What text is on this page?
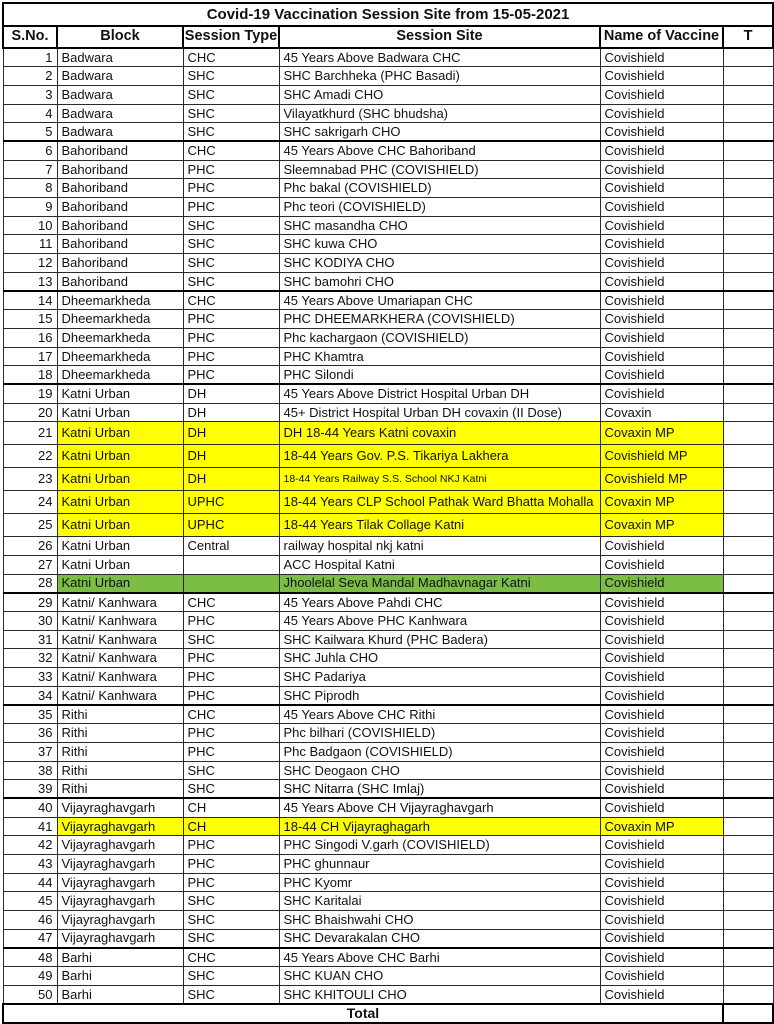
Covid-19 Vaccination Session Site from 15-05-2021					
S.No.	Block	Session Type	Session Site	Name of Vaccine	T
1	Badwara	CHC	45 Years Above Badwara CHC	Covishield	
2	Badwara	SHC	SHC Barchheka (PHC Basadi)	Covishield	
3	Badwara	SHC	SHC Amadi CHO	Covishield	
4	Badwara	SHC	Vilayatkhurd (SHC bhudsha)	Covishield	
5	Badwara	SHC	SHC sakrigarh CHO	Covishield	
6	Bahoriband	CHC	45 Years Above CHC Bahoriband	Covishield	
7	Bahoriband	PHC	Sleemnabad PHC (COVISHIELD)	Covishield	
8	Bahoriband	PHC	Phc bakal (COVISHIELD)	Covishield	
9	Bahoriband	PHC	Phc teori (COVISHIELD)	Covishield	
10	Bahoriband	SHC	SHC masandha CHO	Covishield	
11	Bahoriband	SHC	SHC kuwa CHO	Covishield	
12	Bahoriband	SHC	SHC KODIYA CHO	Covishield	
13	Bahoriband	SHC	SHC bamohri CHO	Covishield	
14	Dheemarkheda	CHC	45 Years Above Umariapan CHC	Covishield	
15	Dheemarkheda	PHC	PHC DHEEMARKHERA (COVISHIELD)	Covishield	
16	Dheemarkheda	PHC	Phc kachargaon (COVISHIELD)	Covishield	
17	Dheemarkheda	PHC	PHC Khamtra	Covishield	
18	Dheemarkheda	PHC	PHC Silondi	Covishield	
19	Katni Urban	DH	45 Years Above District Hospital Urban DH	Covishield	
20	Katni Urban	DH	45+ District Hospital Urban DH covaxin (II Dose)	Covaxin	
21	Katni Urban	DH	DH 18-44 Years Katni covaxin	Covaxin MP	
22	Katni Urban	DH	18-44 Years Gov. P.S. Tikariya Lakhera	Covishield MP	
23	Katni Urban	DH	18-44 Years Railway S.S. School NKJ Katni	Covishield MP	
24	Katni Urban	UPHC	18-44 Years CLP School Pathak Ward Bhatta Mohalla	Covaxin MP	
25	Katni Urban	UPHC	18-44 Years Tilak Collage Katni	Covaxin MP	
26	Katni Urban	Central	railway hospital nkj katni	Covishield	
27	Katni Urban		ACC Hospital Katni	Covishield	
28	Katni Urban		Jhoolelal Seva Mandal Madhavnagar Katni	Covishield	
29	Katni/ Kanhwara	CHC	45 Years Above Pahdi CHC	Covishield	
30	Katni/ Kanhwara	PHC	45 Years Above PHC Kanhwara	Covishield	
31	Katni/ Kanhwara	SHC	SHC Kailwara Khurd (PHC Badera)	Covishield	
32	Katni/ Kanhwara	PHC	SHC Juhla CHO	Covishield	
33	Katni/ Kanhwara	PHC	SHC Padariya	Covishield	
34	Katni/ Kanhwara	PHC	SHC Piprodh	Covishield	
35	Rithi	CHC	45 Years Above CHC Rithi	Covishield	
36	Rithi	PHC	Phc bilhari (COVISHIELD)	Covishield	
37	Rithi	PHC	Phc Badgaon (COVISHIELD)	Covishield	
38	Rithi	SHC	SHC Deogaon CHO	Covishield	
39	Rithi	SHC	SHC Nitarra (SHC Imlaj)	Covishield	
40	Vijayraghavgarh	CH	45 Years Above CH Vijayraghavgarh	Covishield	
41	Vijayraghavgarh	CH	18-44 CH Vijayraghagarh	Covaxin MP	
42	Vijayraghavgarh	PHC	PHC Singodi V.garh (COVISHIELD)	Covishield	
43	Vijayraghavgarh	PHC	PHC ghunnaur	Covishield	
44	Vijayraghavgarh	PHC	PHC Kyomr	Covishield	
45	Vijayraghavgarh	SHC	SHC Karitalai	Covishield	
46	Vijayraghavgarh	SHC	SHC Bhaishwahi CHO	Covishield	
47	Vijayraghavgarh	SHC	SHC Devarakalan CHO	Covishield	
48	Barhi	CHC	45 Years Above CHC Barhi	Covishield	
49	Barhi	SHC	SHC KUAN CHO	Covishield	
50	Barhi	SHC	SHC KHITOULI CHO	Covishield	
Total					
